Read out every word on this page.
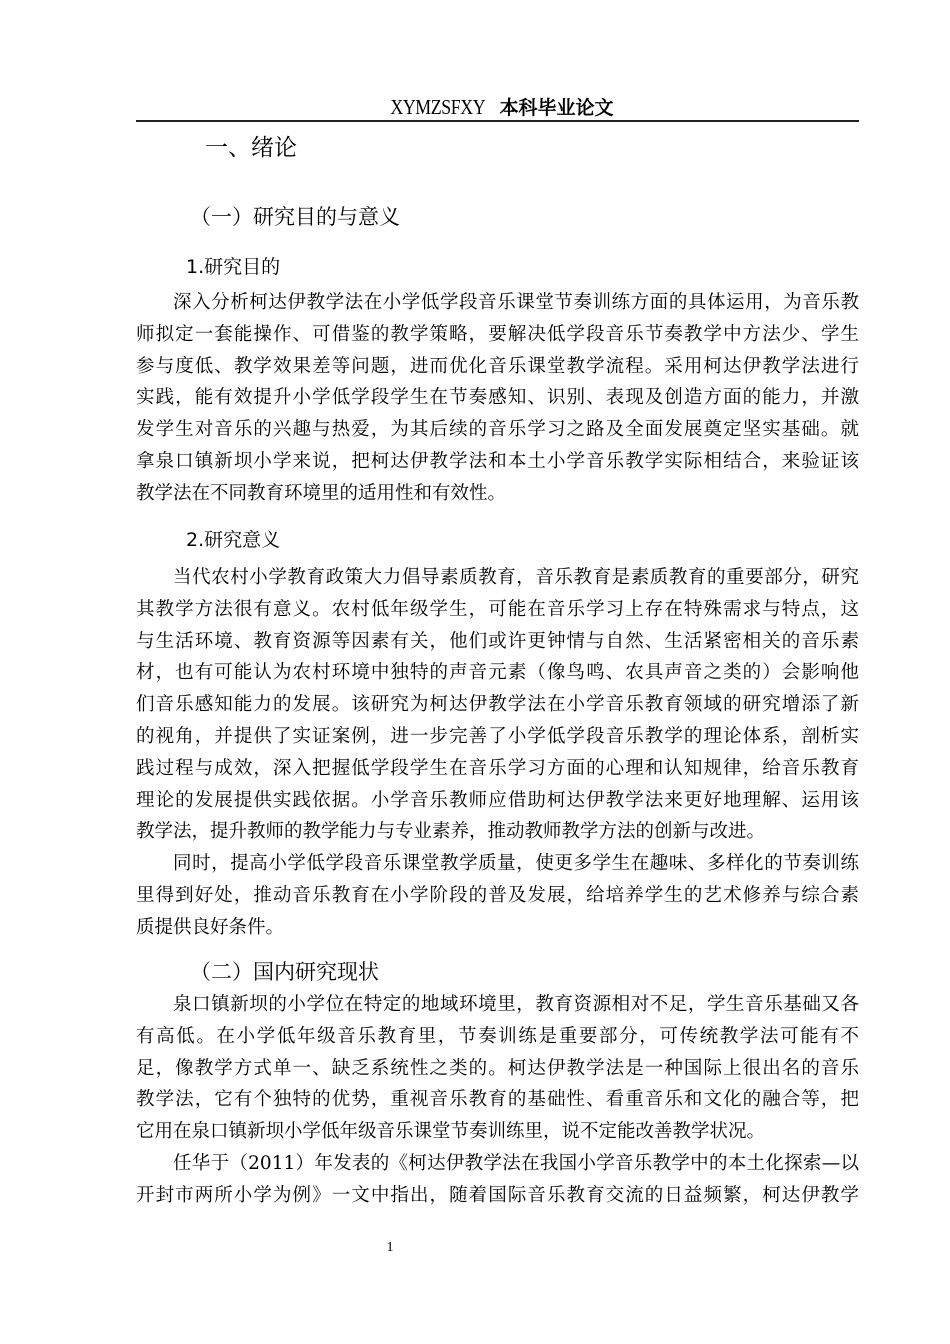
XYMZSFXY 本科毕业论文
一、绪论
（一）研究目的与意义
1.研究目的
深入分析柯达伊教学法在小学低学段音乐课堂节奏训练方面的具体运用，为音乐教
师拟定一套能操作、可借鉴的教学策略，要解决低学段音乐节奏教学中方法少、学生
参与度低、教学效果差等问题，进而优化音乐课堂教学流程。采用柯达伊教学法进行
实践，能有效提升小学低学段学生在节奏感知、识别、表现及创造方面的能力，并激
发学生对音乐的兴趣与热爱，为其后续的音乐学习之路及全面发展奠定坚实基础。就
拿泉口镇新坝小学来说，把柯达伊教学法和本土小学音乐教学实际相结合，来验证该
教学法在不同教育环境里的适用性和有效性。
2.研究意义
当代农村小学教育政策大力倡导素质教育，音乐教育是素质教育的重要部分，研究
其教学方法很有意义。农村低年级学生，可能在音乐学习上存在特殊需求与特点，这
与生活环境、教育资源等因素有关，他们或许更钟情与自然、生活紧密相关的音乐素
材，也有可能认为农村环境中独特的声音元素（像鸟鸣、农具声音之类的）会影响他
们音乐感知能力的发展。该研究为柯达伊教学法在小学音乐教育领域的研究增添了新
的视角，并提供了实证案例，进一步完善了小学低学段音乐教学的理论体系，剖析实
践过程与成效，深入把握低学段学生在音乐学习方面的心理和认知规律，给音乐教育
理论的发展提供实践依据。小学音乐教师应借助柯达伊教学法来更好地理解、运用该
教学法，提升教师的教学能力与专业素养，推动教师教学方法的创新与改进。
同时，提高小学低学段音乐课堂教学质量，使更多学生在趣味、多样化的节奏训练
里得到好处，推动音乐教育在小学阶段的普及发展，给培养学生的艺术修养与综合素
质提供良好条件。
（二）国内研究现状
泉口镇新坝的小学位在特定的地域环境里，教育资源相对不足，学生音乐基础又各
有高低。在小学低年级音乐教育里，节奏训练是重要部分，可传统教学法可能有不
足，像教学方式单一、缺乏系统性之类的。柯达伊教学法是一种国际上很出名的音乐
教学法，它有个独特的优势，重视音乐教育的基础性、看重音乐和文化的融合等，把
它用在泉口镇新坝小学低年级音乐课堂节奏训练里，说不定能改善教学状况。
任华于（2011）年发表的《柯达伊教学法在我国小学音乐教学中的本土化探索—以
开封市两所小学为例》一文中指出，随着国际音乐教育交流的日益频繁，柯达伊教学
1
